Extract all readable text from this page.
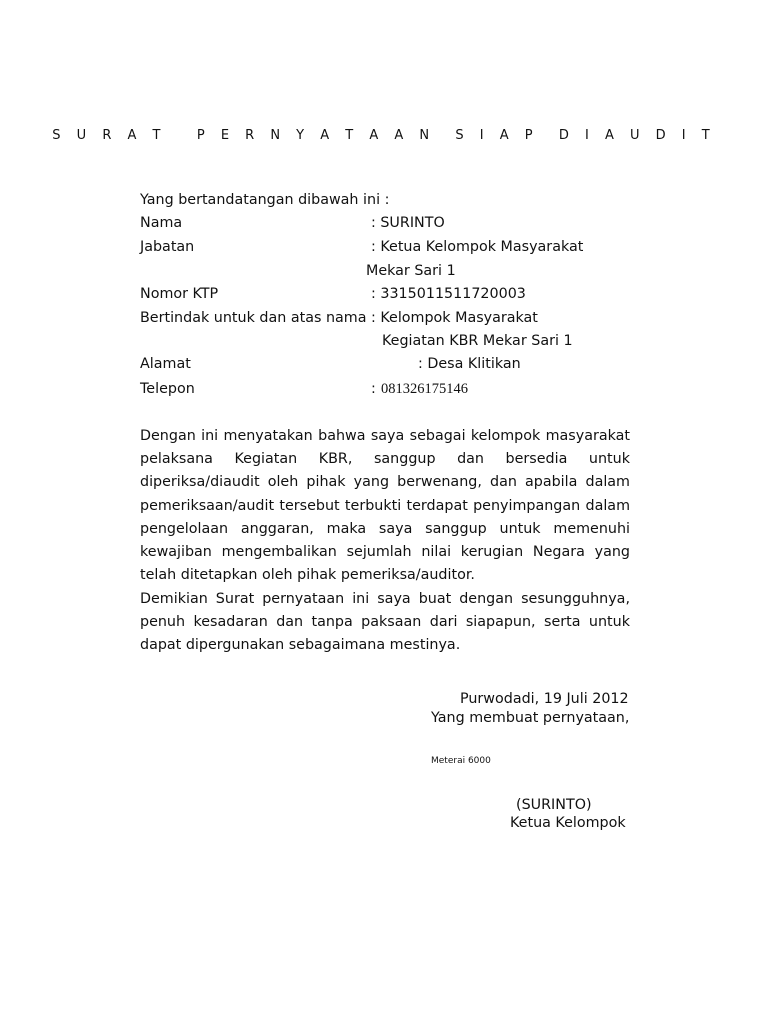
S U R A T   P E R N Y A T A A N  S I A P  D I A U D I T
Yang bertandatangan dibawah ini :
Nama	: SURINTO
Jabatan	: Ketua Kelompok Masyarakat
Mekar Sari 1
Nomor KTP	: 3315011511720003
Bertindak untuk dan atas nama : Kelompok Masyarakat
Kegiatan KBR Mekar Sari 1
Alamat	: Desa Klitikan
Telepon	: 081326175146
Dengan ini menyatakan bahwa saya sebagai kelompok masyarakat
pelaksana Kegiatan KBR, sanggup dan bersedia untuk
diperiksa/diaudit oleh pihak yang berwenang, dan apabila dalam
pemeriksaan/audit tersebut terbukti terdapat penyimpangan dalam
pengelolaan anggaran, maka saya sanggup untuk memenuhi
kewajiban mengembalikan sejumlah nilai kerugian Negara yang
telah ditetapkan oleh pihak pemeriksa/auditor.
Demikian Surat pernyataan ini saya buat dengan sesungguhnya,
penuh kesadaran dan tanpa paksaan dari siapapun, serta untuk
dapat dipergunakan sebagaimana mestinya.
Purwodadi, 19 Juli 2012
Yang membuat pernyataan,
Meterai 6000
(SURINTO)
Ketua Kelompok
